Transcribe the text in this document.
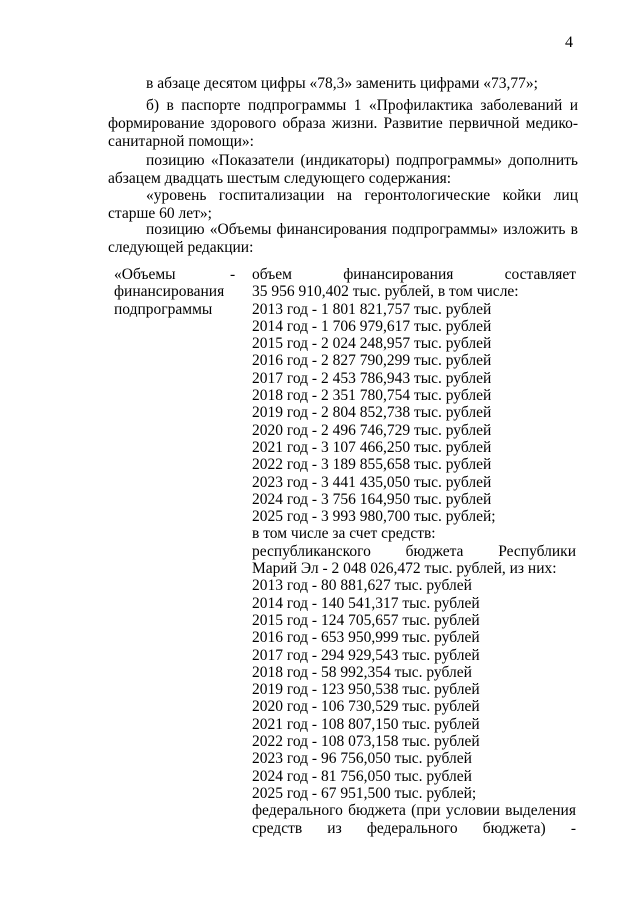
4
в абзаце десятом цифры «78,3» заменить цифрами «73,77»;
б) в паспорте подпрограммы 1 «Профилактика заболеваний и формирование здорового образа жизни. Развитие первичной медико-санитарной помощи»:
позицию «Показатели (индикаторы) подпрограммы» дополнить абзацем двадцать шестым следующего содержания:
«уровень госпитализации на геронтологические койки лиц старше 60 лет»;
позицию «Объемы финансирования подпрограммы» изложить в следующей редакции:
«Объемы
финансирования
подпрограммы
- объем финансирования составляет
35 956 910,402 тыс. рублей, в том числе:
2013 год - 1 801 821,757 тыс. рублей
2014 год - 1 706 979,617 тыс. рублей
2015 год - 2 024 248,957 тыс. рублей
2016 год - 2 827 790,299 тыс. рублей
2017 год - 2 453 786,943 тыс. рублей
2018 год - 2 351 780,754 тыс. рублей
2019 год - 2 804 852,738 тыс. рублей
2020 год - 2 496 746,729 тыс. рублей
2021 год - 3 107 466,250 тыс. рублей
2022 год - 3 189 855,658 тыс. рублей
2023 год - 3 441 435,050 тыс. рублей
2024 год - 3 756 164,950 тыс. рублей
2025 год - 3 993 980,700 тыс. рублей;
в том числе за счет средств:
республиканского бюджета Республики
Марий Эл - 2 048 026,472 тыс. рублей, из них:
2013 год - 80 881,627 тыс. рублей
2014 год - 140 541,317 тыс. рублей
2015 год - 124 705,657 тыс. рублей
2016 год - 653 950,999 тыс. рублей
2017 год - 294 929,543 тыс. рублей
2018 год - 58 992,354 тыс. рублей
2019 год - 123 950,538 тыс. рублей
2020 год - 106 730,529 тыс. рублей
2021 год - 108 807,150 тыс. рублей
2022 год - 108 073,158 тыс. рублей
2023 год - 96 756,050 тыс. рублей
2024 год - 81 756,050 тыс. рублей
2025 год - 67 951,500 тыс. рублей;
федерального бюджета (при условии выделения
средств из федерального бюджета) -
